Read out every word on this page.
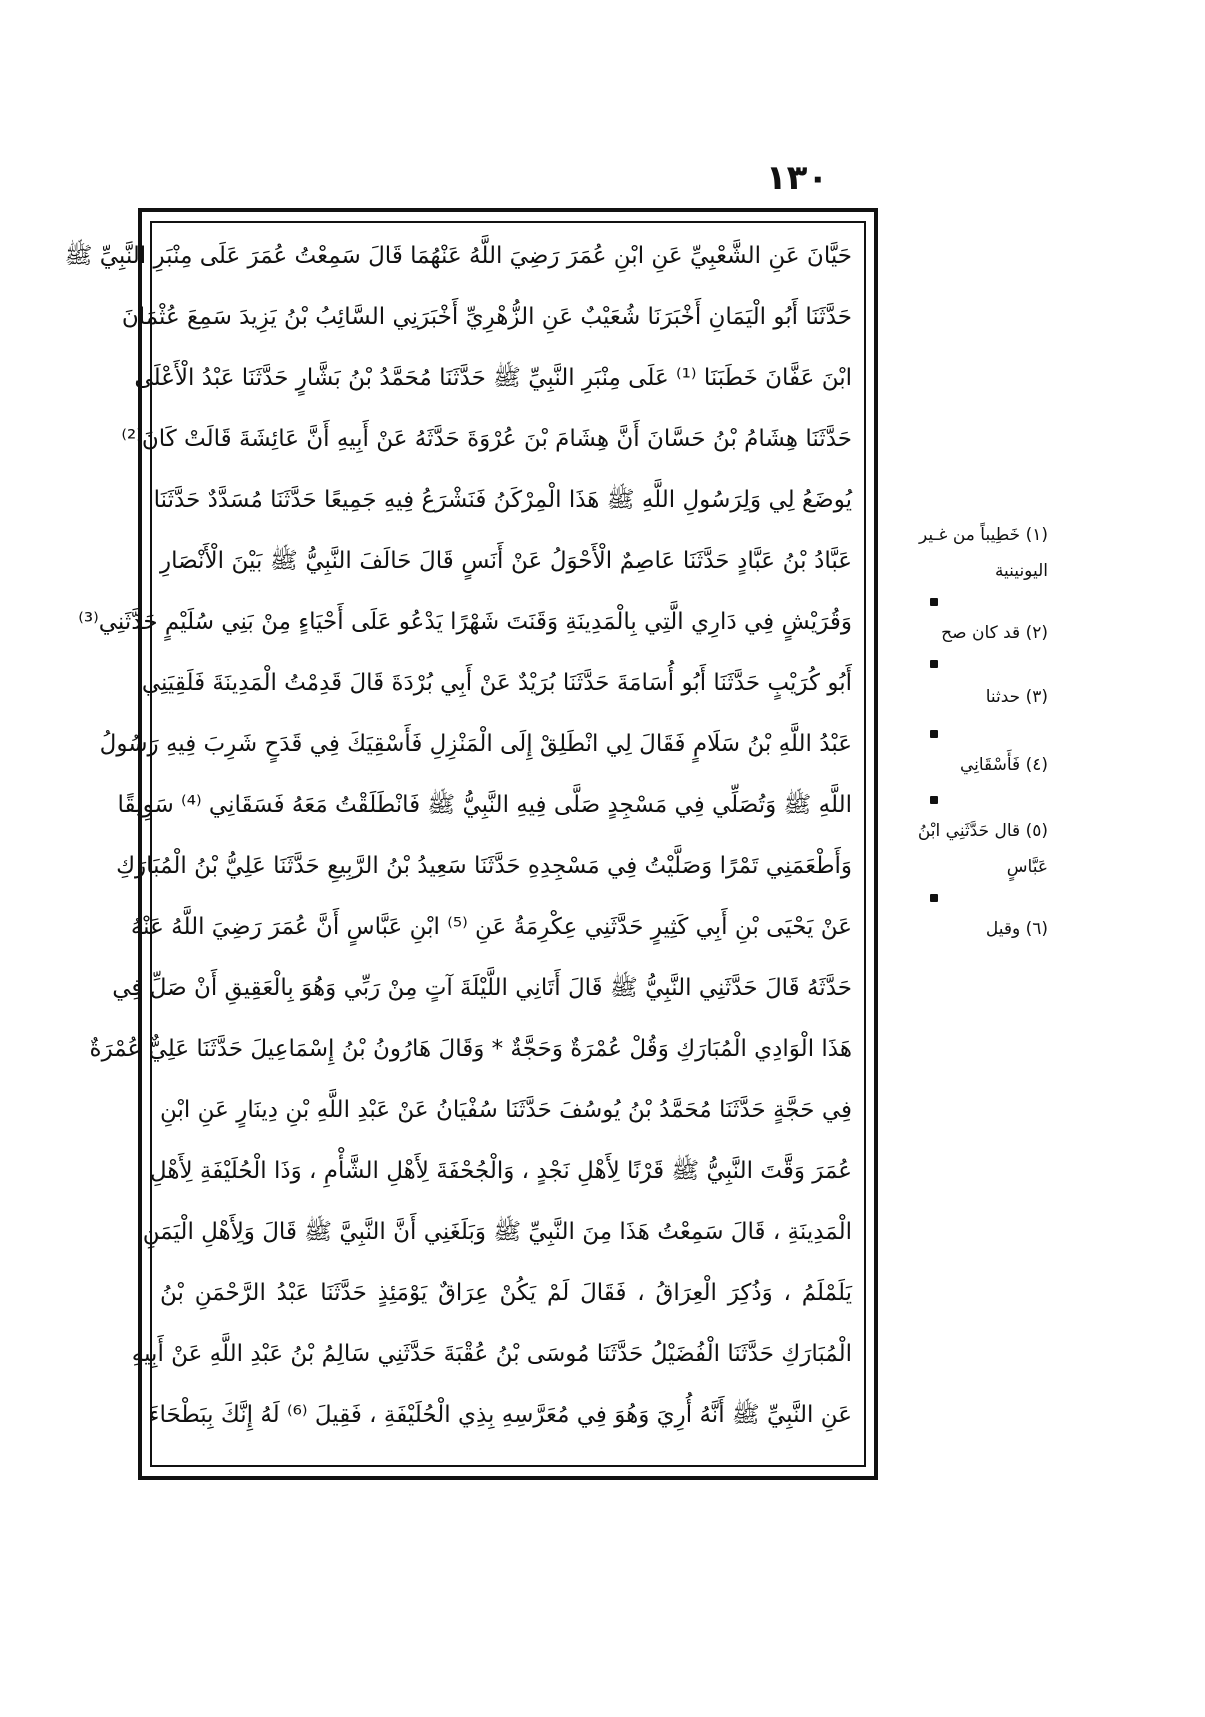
١٣٠
حَيَّانَ عَنِ الشَّعْبِيِّ عَنِ ابْنِ عُمَرَ رَضِيَ اللَّهُ عَنْهُمَا قَالَ سَمِعْتُ عُمَرَ عَلَى مِنْبَرِ النَّبِيِّ ﷺ
حَدَّثَنَا أَبُو الْيَمَانِ أَخْبَرَنَا شُعَيْبٌ عَنِ الزُّهْرِيِّ أَخْبَرَنِي السَّائِبُ بْنُ يَزِيدَ سَمِعَ عُثْمَانَ
ابْنَ عَفَّانَ خَطَبَنَا ⁽¹⁾ عَلَى مِنْبَرِ النَّبِيِّ ﷺ حَدَّثَنَا مُحَمَّدُ بْنُ بَشَّارٍ حَدَّثَنَا عَبْدُ الْأَعْلَى
حَدَّثَنَا هِشَامُ بْنُ حَسَّانَ أَنَّ هِشَامَ بْنَ عُرْوَةَ حَدَّثَهُ عَنْ أَبِيهِ أَنَّ عَائِشَةَ قَالَتْ كَانَ⁽²⁾
يُوضَعُ لِي وَلِرَسُولِ اللَّهِ ﷺ هَذَا الْمِرْكَنُ فَنَشْرَعُ فِيهِ جَمِيعًا حَدَّثَنَا مُسَدَّدٌ حَدَّثَنَا
عَبَّادُ بْنُ عَبَّادٍ حَدَّثَنَا عَاصِمٌ الْأَحْوَلُ عَنْ أَنَسٍ قَالَ حَالَفَ النَّبِيُّ ﷺ بَيْنَ الْأَنْصَارِ
وَقُرَيْشٍ فِي دَارِي الَّتِي بِالْمَدِينَةِ وَقَنَتَ شَهْرًا يَدْعُو عَلَى أَحْيَاءٍ مِنْ بَنِي سُلَيْمٍ حَدَّثَنِي⁽³⁾
أَبُو كُرَيْبٍ حَدَّثَنَا أَبُو أُسَامَةَ حَدَّثَنَا بُرَيْدٌ عَنْ أَبِي بُرْدَةَ قَالَ قَدِمْتُ الْمَدِينَةَ فَلَقِيَنِي
عَبْدُ اللَّهِ بْنُ سَلَامٍ فَقَالَ لِي انْطَلِقْ إِلَى الْمَنْزِلِ فَأَسْقِيَكَ فِي قَدَحٍ شَرِبَ فِيهِ رَسُولُ
اللَّهِ ﷺ وَتُصَلِّي فِي مَسْجِدٍ صَلَّى فِيهِ النَّبِيُّ ﷺ فَانْطَلَقْتُ مَعَهُ فَسَقَانِي ⁽⁴⁾ سَوِيقًا
وَأَطْعَمَنِي تَمْرًا وَصَلَّيْتُ فِي مَسْجِدِهِ حَدَّثَنَا سَعِيدُ بْنُ الرَّبِيعِ حَدَّثَنَا عَلِيُّ بْنُ الْمُبَارَكِ
عَنْ يَحْيَى بْنِ أَبِي كَثِيرٍ حَدَّثَنِي عِكْرِمَةُ عَنِ ⁽⁵⁾ ابْنِ عَبَّاسٍ أَنَّ عُمَرَ رَضِيَ اللَّهُ عَنْهُ
حَدَّثَهُ قَالَ حَدَّثَنِي النَّبِيُّ ﷺ قَالَ أَتَانِي اللَّيْلَةَ آتٍ مِنْ رَبِّي وَهُوَ بِالْعَقِيقِ أَنْ صَلِّ فِي
هَذَا الْوَادِي الْمُبَارَكِ وَقُلْ عُمْرَةٌ وَحَجَّةٌ * وَقَالَ هَارُونُ بْنُ إِسْمَاعِيلَ حَدَّثَنَا عَلِيٌّ عُمْرَةٌ
فِي حَجَّةٍ حَدَّثَنَا مُحَمَّدُ بْنُ يُوسُفَ حَدَّثَنَا سُفْيَانُ عَنْ عَبْدِ اللَّهِ بْنِ دِينَارٍ عَنِ ابْنِ
عُمَرَ وَقَّتَ النَّبِيُّ ﷺ قَرْنًا لِأَهْلِ نَجْدٍ ، وَالْجُحْفَةَ لِأَهْلِ الشَّأْمِ ، وَذَا الْحُلَيْفَةِ لِأَهْلِ
الْمَدِينَةِ ، قَالَ سَمِعْتُ هَذَا مِنَ النَّبِيِّ ﷺ وَبَلَغَنِي أَنَّ النَّبِيَّ ﷺ قَالَ وَلِأَهْلِ الْيَمَنِ
يَلَمْلَمُ ، وَذُكِرَ الْعِرَاقُ ، فَقَالَ لَمْ يَكُنْ عِرَاقٌ يَوْمَئِذٍ حَدَّثَنَا عَبْدُ الرَّحْمَنِ بْنُ
الْمُبَارَكِ حَدَّثَنَا الْفُضَيْلُ حَدَّثَنَا مُوسَى بْنُ عُقْبَةَ حَدَّثَنِي سَالِمُ بْنُ عَبْدِ اللَّهِ عَنْ أَبِيهِ
عَنِ النَّبِيِّ ﷺ أَنَّهُ أُرِيَ وَهُوَ فِي مُعَرَّسِهِ بِذِي الْحُلَيْفَةِ ، فَقِيلَ ⁽⁶⁾ لَهُ إِنَّكَ بِبَطْحَاءَ
(١) خَطِيباً من غـير
اليونينية
(٢) قد كان صح
(٣) حدثنا
(٤) فَأَسْقَانِي
(٥) قال حَدَّثَنِي ابْنُ
عَبَّاسٍ
(٦) وقيل
